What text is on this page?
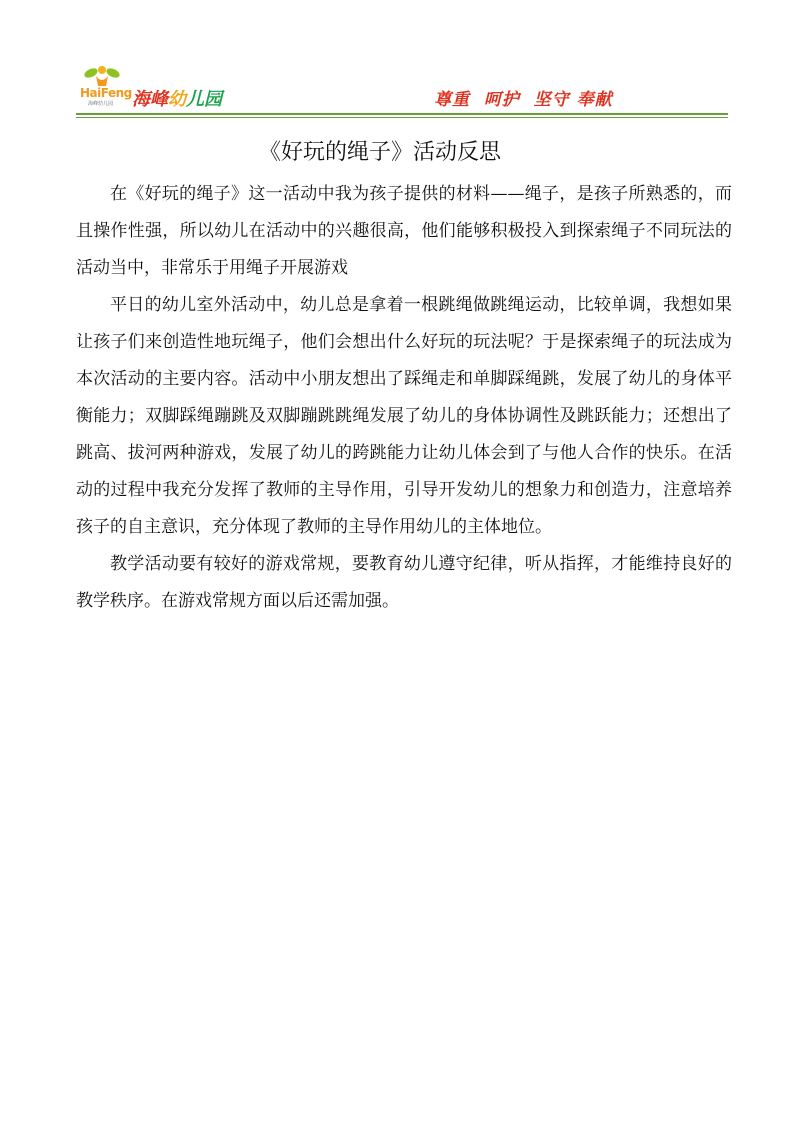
HaiFeng
海峰幼儿园 海峰幼儿园	尊重  呵护  坚守 奉献
《好玩的绳子》活动反思

在《好玩的绳子》这一活动中我为孩子提供的材料——绳子，是孩子所熟悉的，而且操作性强，所以幼儿在活动中的兴趣很高，他们能够积极投入到探索绳子不同玩法的活动当中，非常乐于用绳子开展游戏

平日的幼儿室外活动中，幼儿总是拿着一根跳绳做跳绳运动，比较单调，我想如果让孩子们来创造性地玩绳子，他们会想出什么好玩的玩法呢？于是探索绳子的玩法成为本次活动的主要内容。活动中小朋友想出了踩绳走和单脚踩绳跳，发展了幼儿的身体平衡能力；双脚踩绳蹦跳及双脚蹦跳跳绳发展了幼儿的身体协调性及跳跃能力；还想出了跳高、拔河两种游戏，发展了幼儿的跨跳能力让幼儿体会到了与他人合作的快乐。在活动的过程中我充分发挥了教师的主导作用，引导开发幼儿的想象力和创造力，注意培养孩子的自主意识，充分体现了教师的主导作用幼儿的主体地位。

教学活动要有较好的游戏常规，要教育幼儿遵守纪律，听从指挥，才能维持良好的教学秩序。在游戏常规方面以后还需加强。
